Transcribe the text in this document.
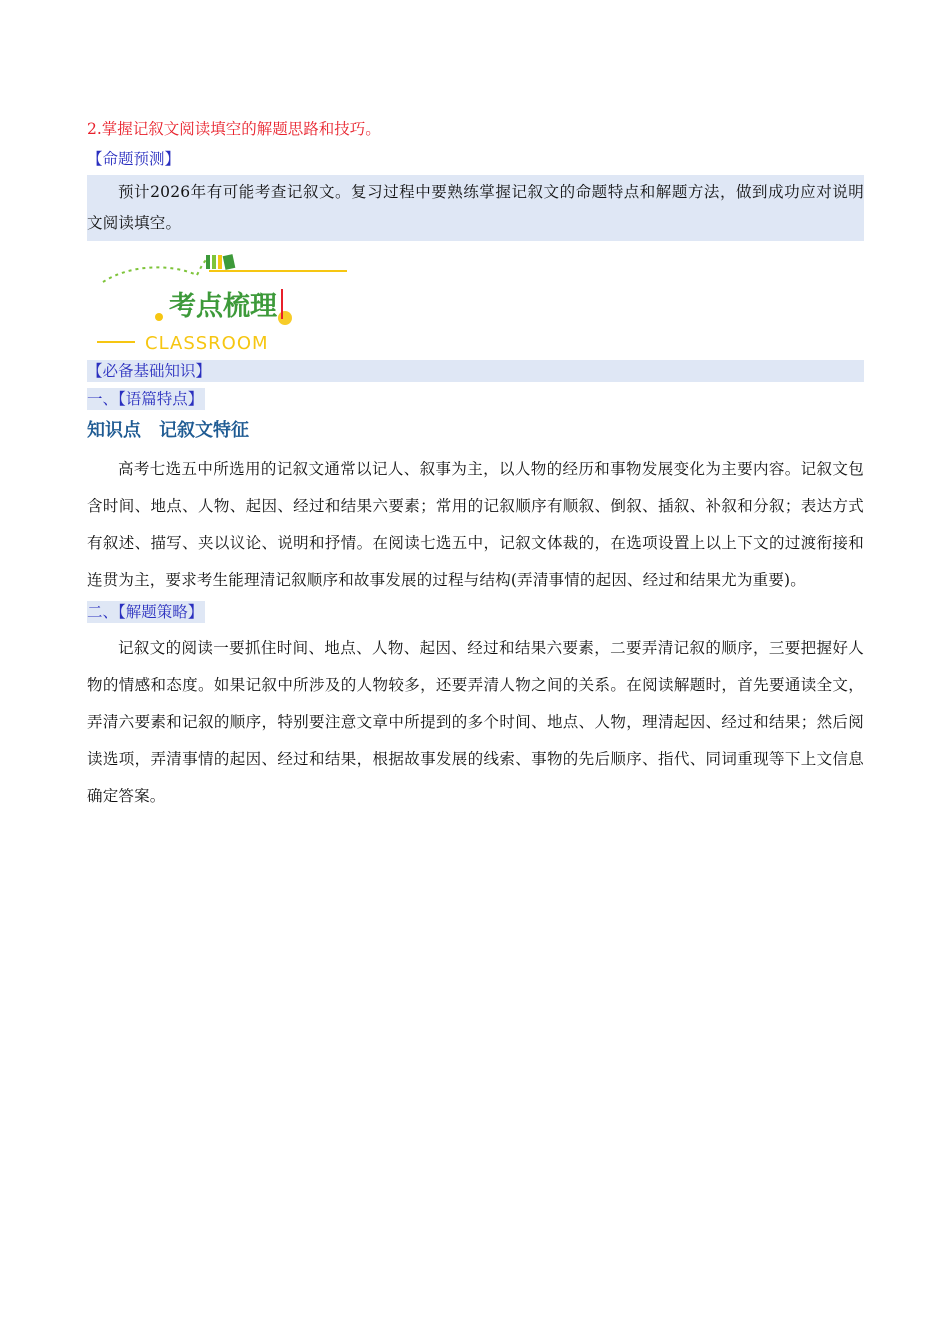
2.掌握记叙文阅读填空的解题思路和技巧。
【命题预测】
预计2026年有可能考查记叙文。复习过程中要熟练掌握记叙文的命题特点和解题方法，做到成功应对说明文阅读填空。
考点梳理
CLASSROOM
【必备基础知识】
一、【语篇特点】
知识点　记叙文特征
高考七选五中所选用的记叙文通常以记人、叙事为主，以人物的经历和事物发展变化为主要内容。记叙文包含时间、地点、人物、起因、经过和结果六要素；常用的记叙顺序有顺叙、倒叙、插叙、补叙和分叙；表达方式有叙述、描写、夹以议论、说明和抒情。在阅读七选五中，记叙文体裁的，在选项设置上以上下文的过渡衔接和连贯为主，要求考生能理清记叙顺序和故事发展的过程与结构(弄清事情的起因、经过和结果尤为重要)。
二、【解题策略】
记叙文的阅读一要抓住时间、地点、人物、起因、经过和结果六要素，二要弄清记叙的顺序，三要把握好人物的情感和态度。如果记叙中所涉及的人物较多，还要弄清人物之间的关系。在阅读解题时，首先要通读全文，弄清六要素和记叙的顺序，特别要注意文章中所提到的多个时间、地点、人物，理清起因、经过和结果；然后阅读选项，弄清事情的起因、经过和结果，根据故事发展的线索、事物的先后顺序、指代、同词重现等下上文信息确定答案。
